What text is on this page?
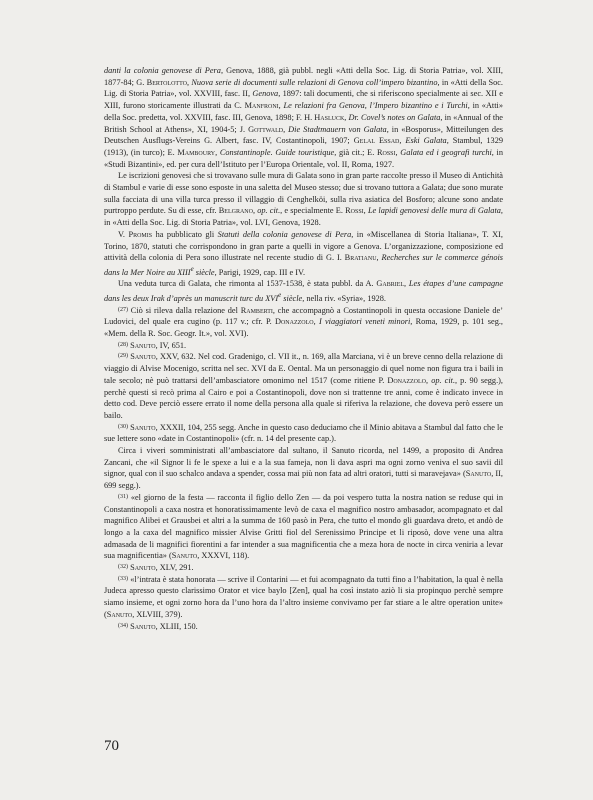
danti la colonia genovese di Pera, Genova, 1888, già pubbl. negli «Atti della Soc. Lig. di Storia Patria», vol. XIII, 1877-84; G. Bertolotto, Nuova serie di documenti sulle relazioni di Genova coll’impero bizantino, in «Atti della Soc. Lig. di Storia Patria», vol. XXVIII, fasc. II, Genova, 1897: tali documenti, che si riferiscono specialmente ai sec. XII e XIII, furono storicamente illustrati da C. Manfroni, Le relazioni fra Genova, l’Impero bizantino e i Turchi, in «Atti» della Soc. predetta, vol. XXVIII, fasc. III, Genova, 1898; F. H. Hasluck, Dr. Covel’s notes on Galata, in «Annual of the British School at Athens», XI, 1904-5; J. Gottwald, Die Stadtmauern von Galata, in «Bosporus», Mitteilungen des Deutschen Ausflugs-Vereins G. Albert, fasc. IV, Costantinopoli, 1907; Gelal Essad, Eski Galata, Stambul, 1329 (1913), (in turco); E. Mamboury, Constantinople. Guide touristique, già cit.; E. Rossi, Galata ed i geografi turchi, in «Studi Bizantini», ed. per cura dell’Istituto per l’Europa Orientale, vol. II, Roma, 1927.

Le iscrizioni genovesi che si trovavano sulle mura di Galata sono in gran parte raccolte presso il Museo di Antichità di Stambul e varie di esse sono esposte in una saletta del Museo stesso; due si trovano tuttora a Galata; due sono murate sulla facciata di una villa turca presso il villaggio di Cenghelköi, sulla riva asiatica del Bosforo; alcune sono andate purtroppo perdute. Su di esse, cfr. Belgrano, op. cit., e specialmente E. Rossi, Le lapidi genovesi delle mura di Galata, in «Atti della Soc. Lig. di Storia Patria», vol. LVI, Genova, 1928.

V. Promis ha pubblicato gli Statuti della colonia genovese di Pera, in «Miscellanea di Storia Italiana», T. XI, Torino, 1870, statuti che corrispondono in gran parte a quelli in vigore a Genova. L’organizzazione, composizione ed attività della colonia di Pera sono illustrate nel recente studio di G. I. Bratianu, Recherches sur le commerce génois dans la Mer Noire au XIIIe siècle, Parigi, 1929, cap. III e IV.

Una veduta turca di Galata, che rimonta al 1537-1538, è stata pubbl. da A. Gabriel, Les étapes d’une campagne dans les deux Irak d’après un manuscrit turc du XVIe siècle, nella riv. «Syria», 1928.

$^{(27)}$ Ciò si rileva dalla relazione del Ramberti, che accompagnò a Costantinopoli in questa occasione Daniele de’ Ludovici, del quale era cugino (p. 117 v.; cfr. P. Donazzolo, I viaggiatori veneti minori, Roma, 1929, p. 101 seg., «Mem. della R. Soc. Geogr. It.», vol. XVI).

$^{(28)}$ Sanuto, IV, 651.

$^{(29)}$ Sanuto, XXV, 632. Nel cod. Gradenigo, cl. VII it., n. 169, alla Marciana, vi è un breve cenno della relazione di viaggio di Alvise Mocenigo, scritta nel sec. XVI da E. Oental. Ma un personaggio di quel nome non figura tra i baili in tale secolo; nè può trattarsi dell’ambasciatore omonimo nel 1517 (come ritiene P. Donazzolo, op. cit., p. 90 segg.), perchè questi si recò prima al Cairo e poi a Costantinopoli, dove non si trattenne tre anni, come è indicato invece in detto cod. Deve perciò essere errato il nome della persona alla quale si riferiva la relazione, che doveva però essere un bailo.

$^{(30)}$ Sanuto, XXXII, 104, 255 segg. Anche in questo caso deduciamo che il Minio abitava a Stambul dal fatto che le sue lettere sono «date in Costantinopoli» (cfr. n. 14 del presente cap.).

Circa i viveri somministrati all’ambasciatore dal sultano, il Sanuto ricorda, nel 1499, a proposito di Andrea Zancani, che «il Signor li fe le spexe a lui e a la sua fameja, non li dava aspri ma ogni zorno veniva el suo savii dil signor, qual con il suo schalco andava a spender, cossa mai più non fata ad altri oratori, tutti si maravejava» (Sanuto, II, 699 segg.).

$^{(31)}$ «el giorno de la festa — racconta il figlio dello Zen — da poi vespero tutta la nostra nation se reduse qui in Constantinopoli a caxa nostra et honoratissimamente levò de caxa el magnifico nostro ambasador, acompagnato et dal magnifico Alibei et Grausbei et altri a la summa de 160 pasò in Pera, che tutto el mondo gli guardava dreto, et andò de longo a la caxa del magnifico missier Alvise Gritti fiol del Serenissimo Principe et li riposò, dove vene una altra admasada de li magnifici fiorentini a far intender a sua magnificentia che a meza hora de nocte in circa veniria a levar sua magnificentia» (Sanuto, XXXVI, 118).

$^{(32)}$ Sanuto, XLV, 291.

$^{(33)}$ «l’intrata è stata honorata — scrive il Contarini — et fui acompagnato da tutti fino a l’habitation, la qual è nella Judeca apresso questo clarissimo Orator et vice baylo [Zen], qual ha così instato aziò li sia propinquo perchè sempre siamo insieme, et ogni zorno hora da l’uno hora da l’altro insieme convivamo per far stiare a le altre operation unite» (Sanuto, XLVIII, 379).

$^{(34)}$ Sanuto, XLIII, 150.

70
